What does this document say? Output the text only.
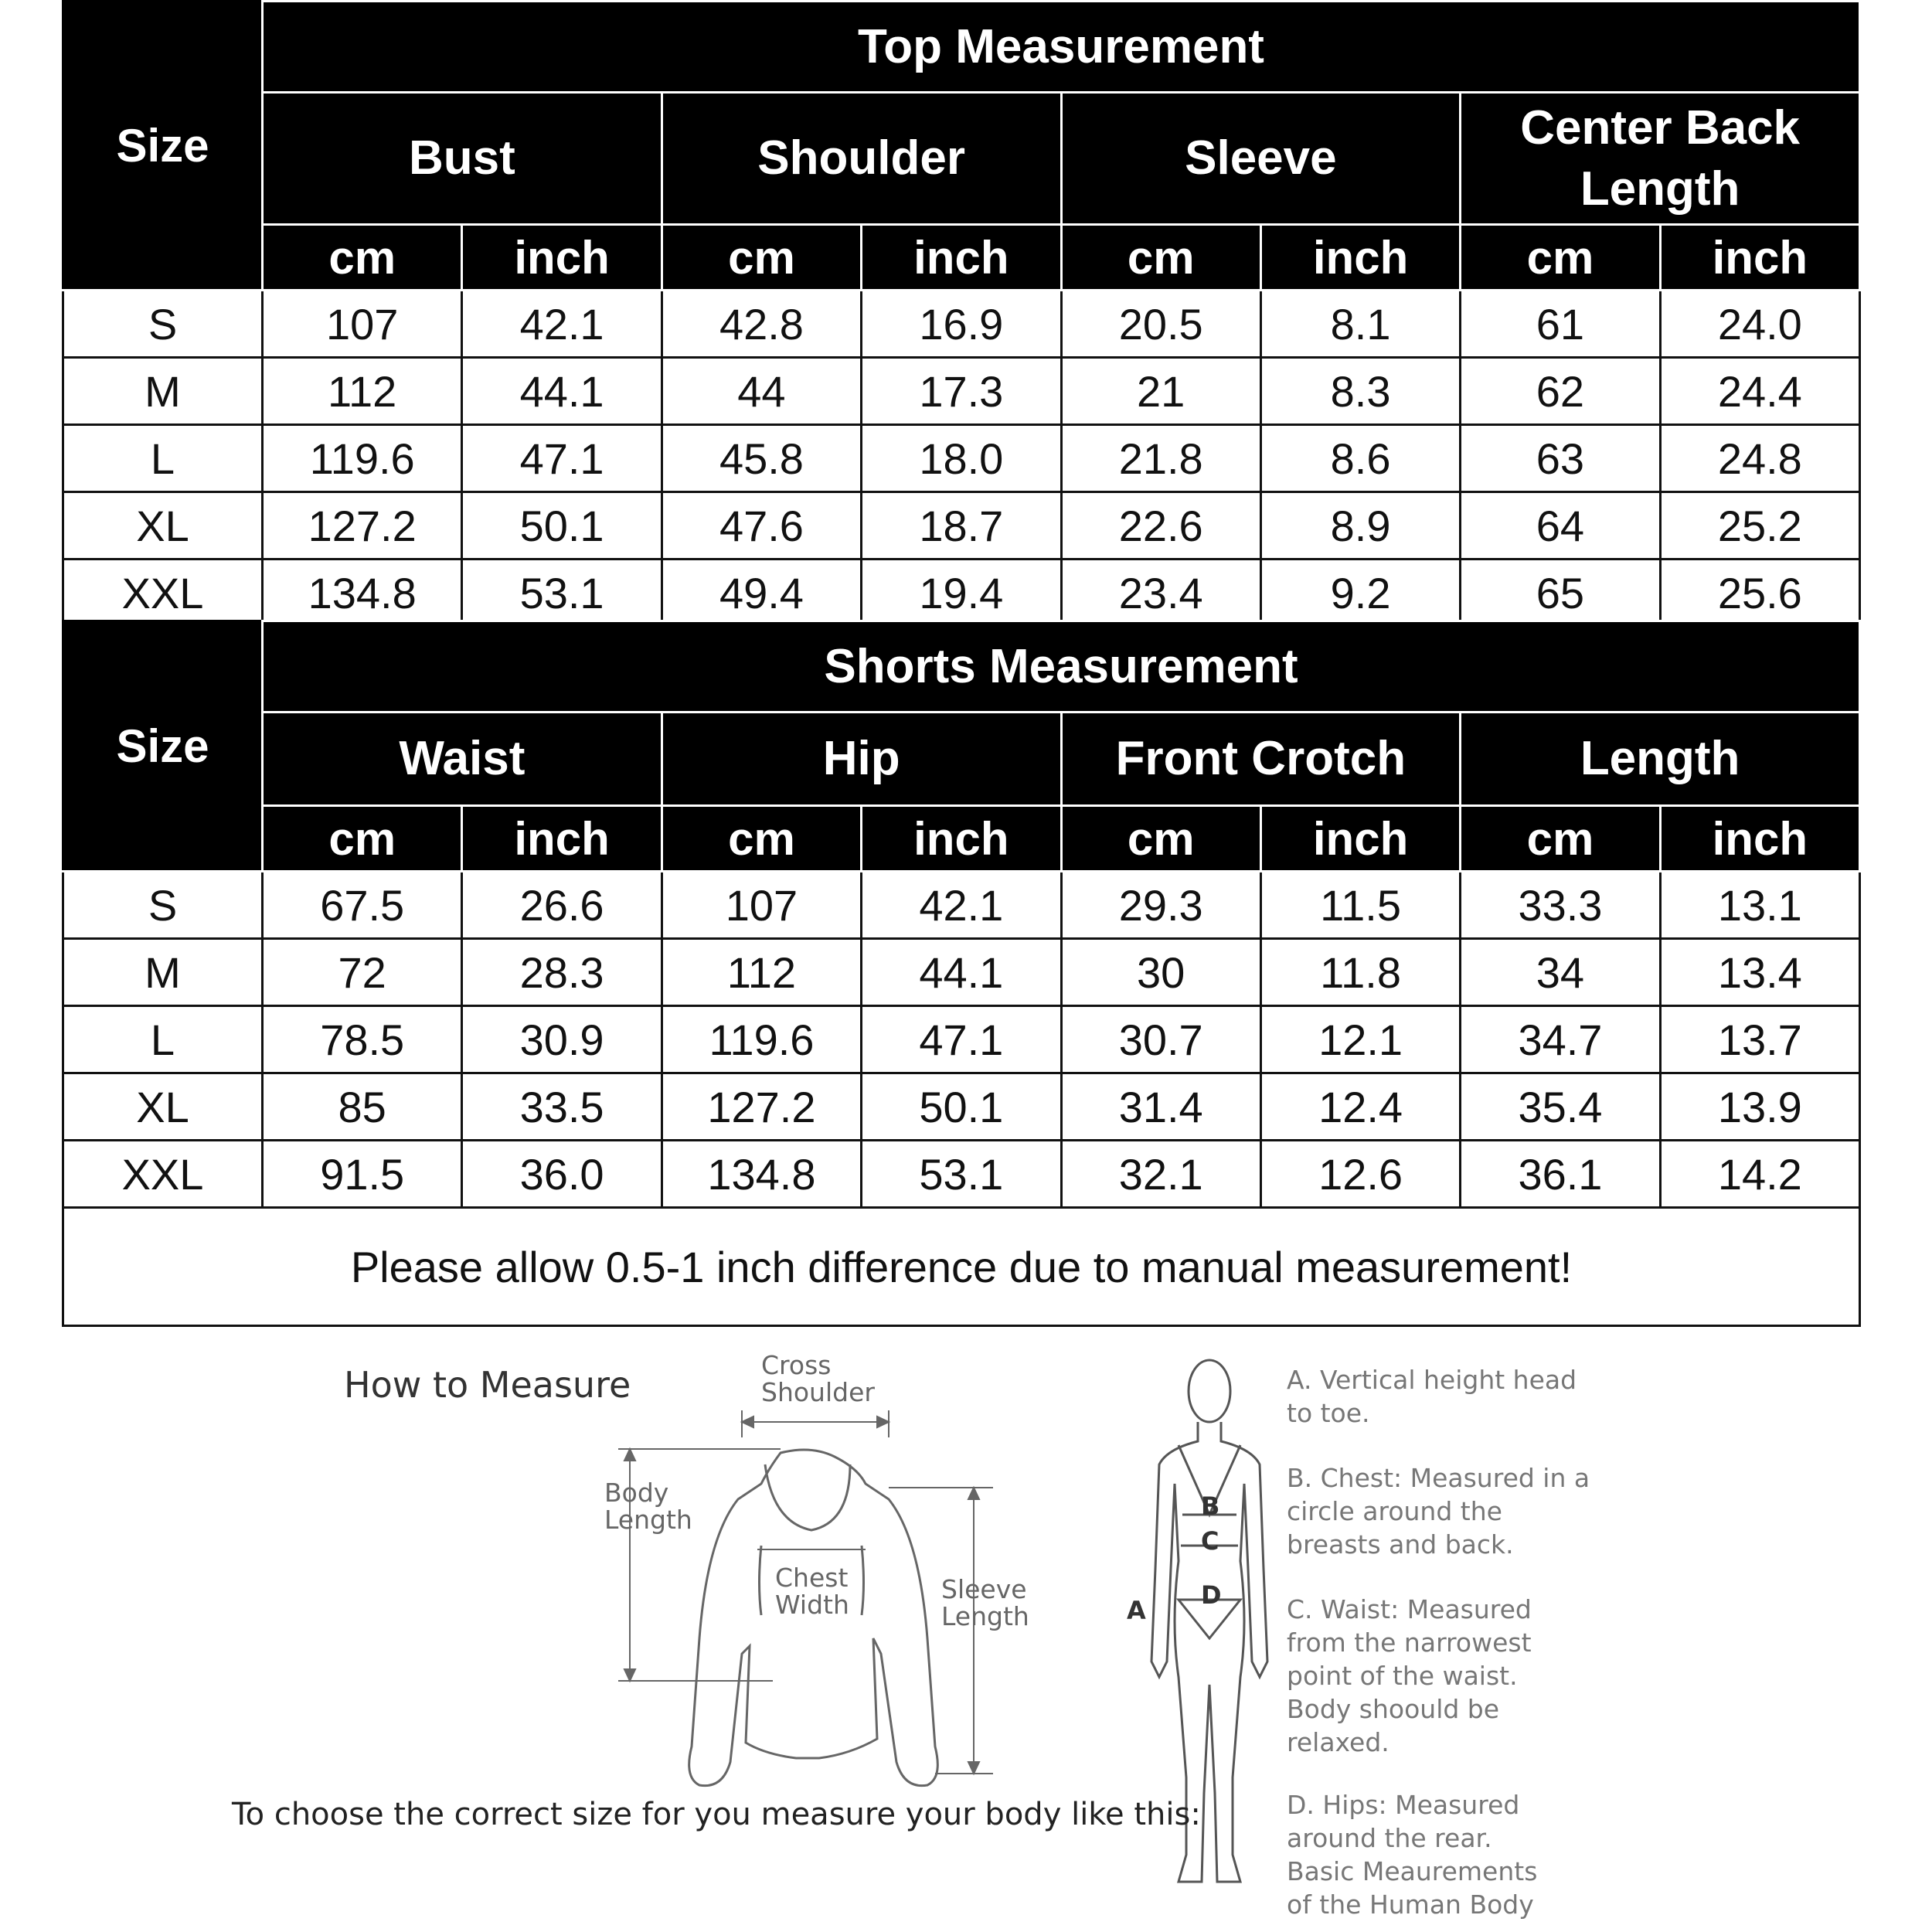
Size	Top Measurement							
	Bust		Shoulder		Sleeve		Center Back
Length	
	cm	inch	cm	inch	cm	inch	cm	inch
S	107	42.1	42.8	16.9	20.5	8.1	61	24.0
M	112	44.1	44	17.3	21	8.3	62	24.4
L	119.6	47.1	45.8	18.0	21.8	8.6	63	24.8
XL	127.2	50.1	47.6	18.7	22.6	8.9	64	25.2
XXL	134.8	53.1	49.4	19.4	23.4	9.2	65	25.6
Size	Shorts Measurement							
	Waist		Hip		Front Crotch		Length	
	cm	inch	cm	inch	cm	inch	cm	inch
S	67.5	26.6	107	42.1	29.3	11.5	33.3	13.1
M	72	28.3	112	44.1	30	11.8	34	13.4
L	78.5	30.9	119.6	47.1	30.7	12.1	34.7	13.7
XL	85	33.5	127.2	50.1	31.4	12.4	35.4	13.9
XXL	91.5	36.0	134.8	53.1	32.1	12.6	36.1	14.2
Please allow 0.5-1 inch difference due to manual measurement!								
How to Measure
A
B
C
D
Cross
Shoulder
Body
Length
Chest
Width
Sleeve
Length
To choose the correct size for you measure your body like this:
A. Vertical height head
to toe.
B. Chest: Measured in a
circle around the
breasts and back.
C. Waist: Measured
from the narrowest
point of the waist.
Body shoould be
relaxed.
D. Hips: Measured
around the rear.
Basic Meaurements
of the Human Body
